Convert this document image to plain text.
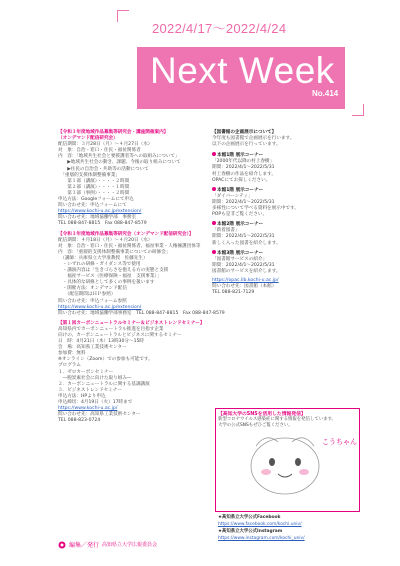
2022/4/17～2022/4/24
Next Week
No.414
【令和３年度地域作品募集等研究会・講座開催案内】
（オンデマンド配信研究会）
配信期間：３月28日（月）～４月27日（水）
対　象：自治・窓口・住民・福祉関係者
内　容：「地域共生社会と要援護者等への取組みについて」
　　▶地域共生社会の動き、課題、今後の取り組みについて
　　▶住民の自治会・共助等の活動について
　「重層的支援体制整備事業」
　　第１部（講演）・・・・２時間
　　第２部（講演）・・・・１時間
　　第３部（事例）・・・・２時間
申込方法：Googleフォームにて申込
問い合わせ先：申込フォームにて
https://www.kochi-u.ac.jp/extension/
問い合わせ先：地域協働学部　事務室
TEL 088-847-8815　Fax 088-847-8579
【令和３年度地域作品募集等研究会（オンデマンド配信研究会）】
配信期間：４月18日（月）～４月20日（水）
対　象：自治・窓口・住民・福祉関係者、福祉事業・人権擁護団体等
内　容：「重層的支援体制整備事業についての研修会」
　（講師：兵庫県立大学准教授　佐藤先生）
　・いずれの研修・ガイダンス等で使用
　・講演内容は「生きづらさを抱える方の実態と支援
　　福祉サービス（医療保険・福祉　支援事業）」
　・具体的な研修として多くの事例を扱います
　・開催方法：オンデマンド配信
　　（配信期間はＨＰ参照）
問い合わせ先：申込フォーム参照
https://www.kochi-u.ac.jp/extension/
問い合わせ先：地域協働学部事務室　TEL 088-847-8815　Fax 088-847-8579
【第１回カーボンニュートラルセミナー＆ビジネストレンドセミナー】
高知県内でカーボンニュートラル推進を目指す企業
向けの、カーボンニュートラルとビジネスに関するセミナー
日　時：4月21日（木）13時30分～15時
会　場：高知県工業技術センター
参加費：無料
※オンライン（Zoom）での参加も可能です。
プログラム
１．ゼロカーボンセミナー
　―脱炭素社会に向けた取り組み―
２．カーボンニュートラルに関する基調講演
３．ビジネストレンドセミナー
申込方法：HPより申込
申込締切：4月19日（火）17時まで
https://www.kochi-u.ac.jp/
問い合わせ先：高知県工業技術センター
TEL 088-823-0724
【図書館の企画展示について】
今年度も図書館で企画展示を行います。
以下の企画展示を行っています。
本館1階 展示コーナー
「2000年代以降の村上春樹」
期間：2022/4/1～2022/5/31
村上春樹の作品を紹介します。
OPACにてお探しください。
本館1階 展示コーナー
「ダイバーシティ」
期間：2022/4/1～2022/5/31
多様性について学べる資料を展示中です。
POPも是非ご覧ください。
本館2階 展示コーナー
「新着図書」
期間：2022/4/1～2022/5/31
新しく入った図書を紹介します。
本館3階 展示コーナー
「図書館サービスの紹介」
期間：2022/4/1～2022/5/31
図書館のサービスを紹介します。
https://opac.lib.kochi-u.ac.jp/
問い合わせ先：図書館（本館）
TEL 088-821-7129
【高知大学のSNSを活用した情報発信】
新型コロナウイルス感染症に関する情報を発信しています。
大学の公式SNSもぜひご覧ください。
こうちゃん
★高知県立大学公式Facebook
https://www.facebook.com/kochi.univ/
★高知県立大学公式Instagram
https://www.instagram.com/kochi_univ/
編集／発行 高知県立大学広報委員会
